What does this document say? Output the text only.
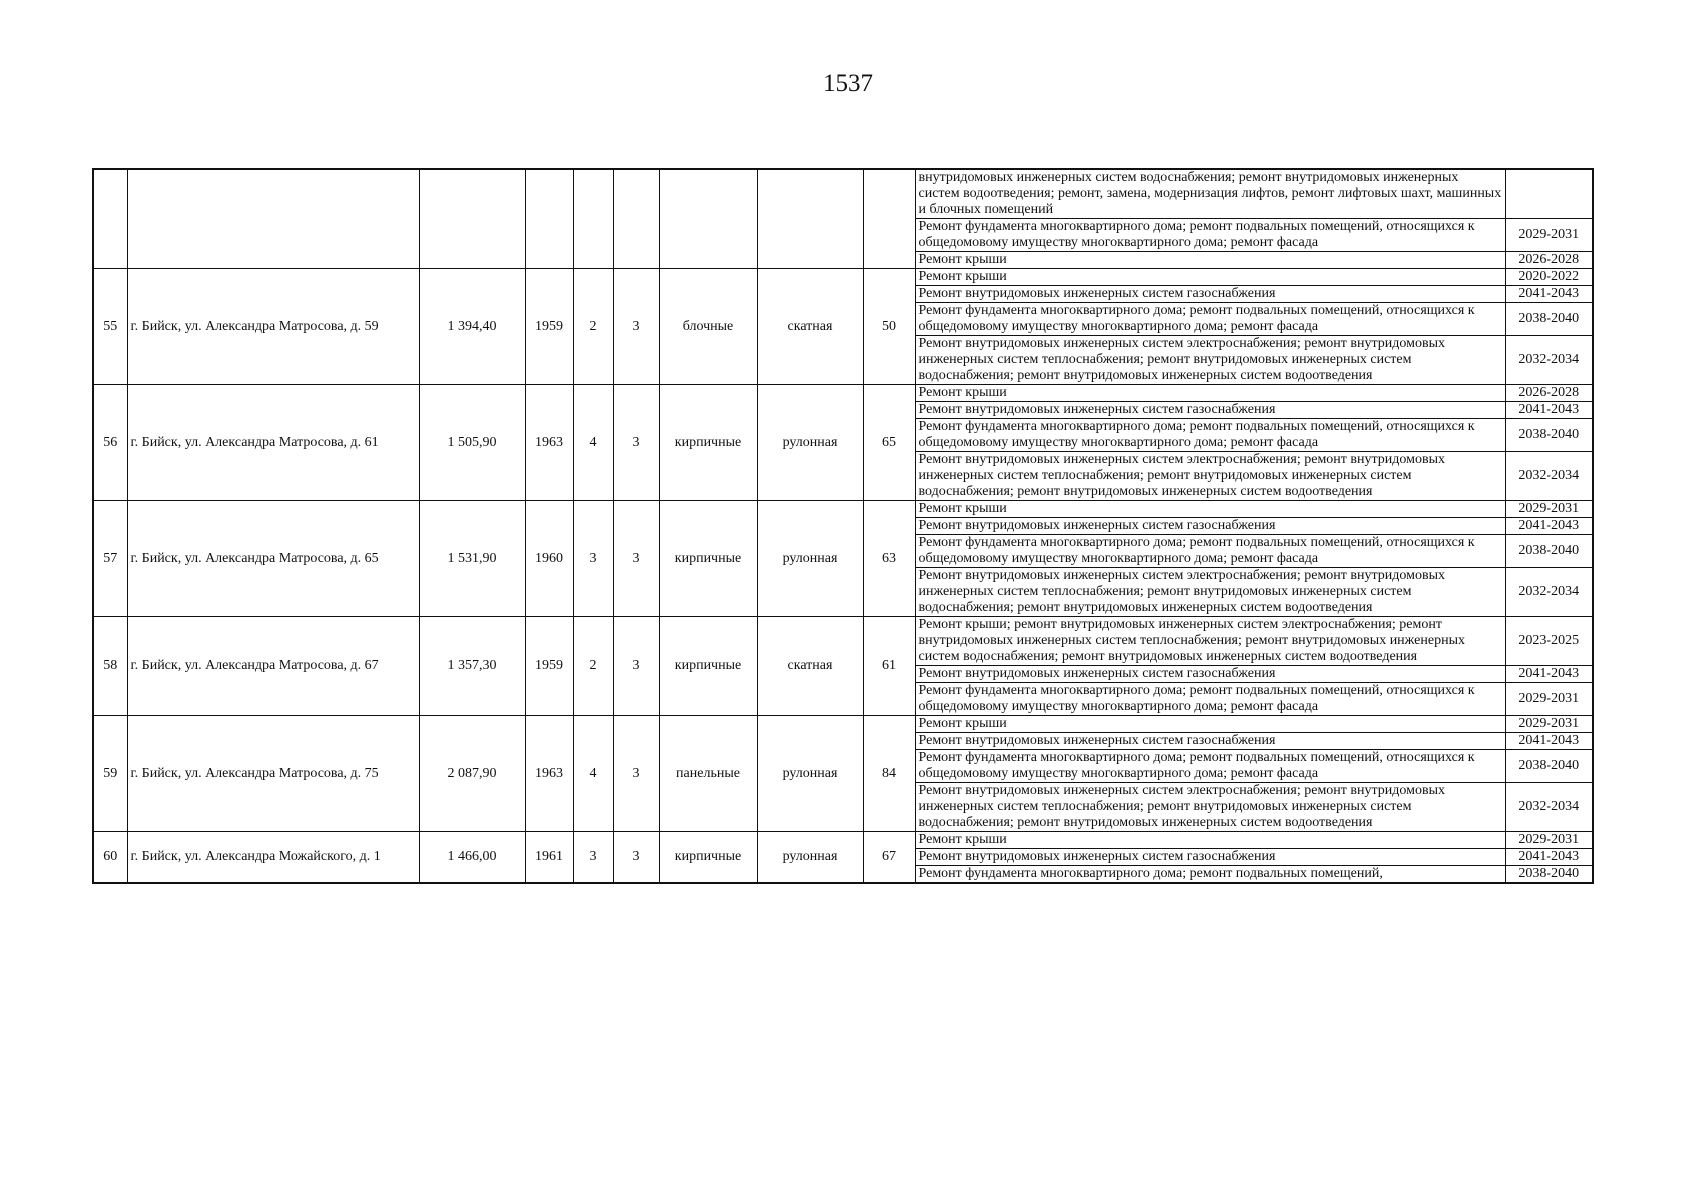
1537
									внутридомовых инженерных систем водоснабжения; ремонт внутридомовых инженерных систем водоотведения; ремонт, замена, модернизация лифтов, ремонт лифтовых шахт, машинных и блочных помещений	
									Ремонт фундамента многоквартирного дома; ремонт подвальных помещений, относящихся к общедомовому имуществу многоквартирного дома; ремонт фасада	2029-2031
									Ремонт крыши	2026-2028
55	г. Бийск, ул. Александра Матросова, д. 59	1 394,40	1959	2	3	блочные	скатная	50	Ремонт крыши	2020-2022
									Ремонт внутридомовых инженерных систем газоснабжения	2041-2043
									Ремонт фундамента многоквартирного дома; ремонт подвальных помещений, относящихся к общедомовому имуществу многоквартирного дома; ремонт фасада	2038-2040
									Ремонт внутридомовых инженерных систем электроснабжения; ремонт внутридомовых инженерных систем теплоснабжения; ремонт внутридомовых инженерных систем водоснабжения; ремонт внутридомовых инженерных систем водоотведения	2032-2034
56	г. Бийск, ул. Александра Матросова, д. 61	1 505,90	1963	4	3	кирпичные	рулонная	65	Ремонт крыши	2026-2028
									Ремонт внутридомовых инженерных систем газоснабжения	2041-2043
									Ремонт фундамента многоквартирного дома; ремонт подвальных помещений, относящихся к общедомовому имуществу многоквартирного дома; ремонт фасада	2038-2040
									Ремонт внутридомовых инженерных систем электроснабжения; ремонт внутридомовых инженерных систем теплоснабжения; ремонт внутридомовых инженерных систем водоснабжения; ремонт внутридомовых инженерных систем водоотведения	2032-2034
57	г. Бийск, ул. Александра Матросова, д. 65	1 531,90	1960	3	3	кирпичные	рулонная	63	Ремонт крыши	2029-2031
									Ремонт внутридомовых инженерных систем газоснабжения	2041-2043
									Ремонт фундамента многоквартирного дома; ремонт подвальных помещений, относящихся к общедомовому имуществу многоквартирного дома; ремонт фасада	2038-2040
									Ремонт внутридомовых инженерных систем электроснабжения; ремонт внутридомовых инженерных систем теплоснабжения; ремонт внутридомовых инженерных систем водоснабжения; ремонт внутридомовых инженерных систем водоотведения	2032-2034
58	г. Бийск, ул. Александра Матросова, д. 67	1 357,30	1959	2	3	кирпичные	скатная	61	Ремонт крыши; ремонт внутридомовых инженерных систем электроснабжения; ремонт внутридомовых инженерных систем теплоснабжения; ремонт внутридомовых инженерных систем водоснабжения; ремонт внутридомовых инженерных систем водоотведения	2023-2025
									Ремонт внутридомовых инженерных систем газоснабжения	2041-2043
									Ремонт фундамента многоквартирного дома; ремонт подвальных помещений, относящихся к общедомовому имуществу многоквартирного дома; ремонт фасада	2029-2031
59	г. Бийск, ул. Александра Матросова, д. 75	2 087,90	1963	4	3	панельные	рулонная	84	Ремонт крыши	2029-2031
									Ремонт внутридомовых инженерных систем газоснабжения	2041-2043
									Ремонт фундамента многоквартирного дома; ремонт подвальных помещений, относящихся к общедомовому имуществу многоквартирного дома; ремонт фасада	2038-2040
									Ремонт внутридомовых инженерных систем электроснабжения; ремонт внутридомовых инженерных систем теплоснабжения; ремонт внутридомовых инженерных систем водоснабжения; ремонт внутридомовых инженерных систем водоотведения	2032-2034
60	г. Бийск, ул. Александра Можайского, д. 1	1 466,00	1961	3	3	кирпичные	рулонная	67	Ремонт крыши	2029-2031
									Ремонт внутридомовых инженерных систем газоснабжения	2041-2043
									Ремонт фундамента многоквартирного дома; ремонт подвальных помещений,	2038-2040
